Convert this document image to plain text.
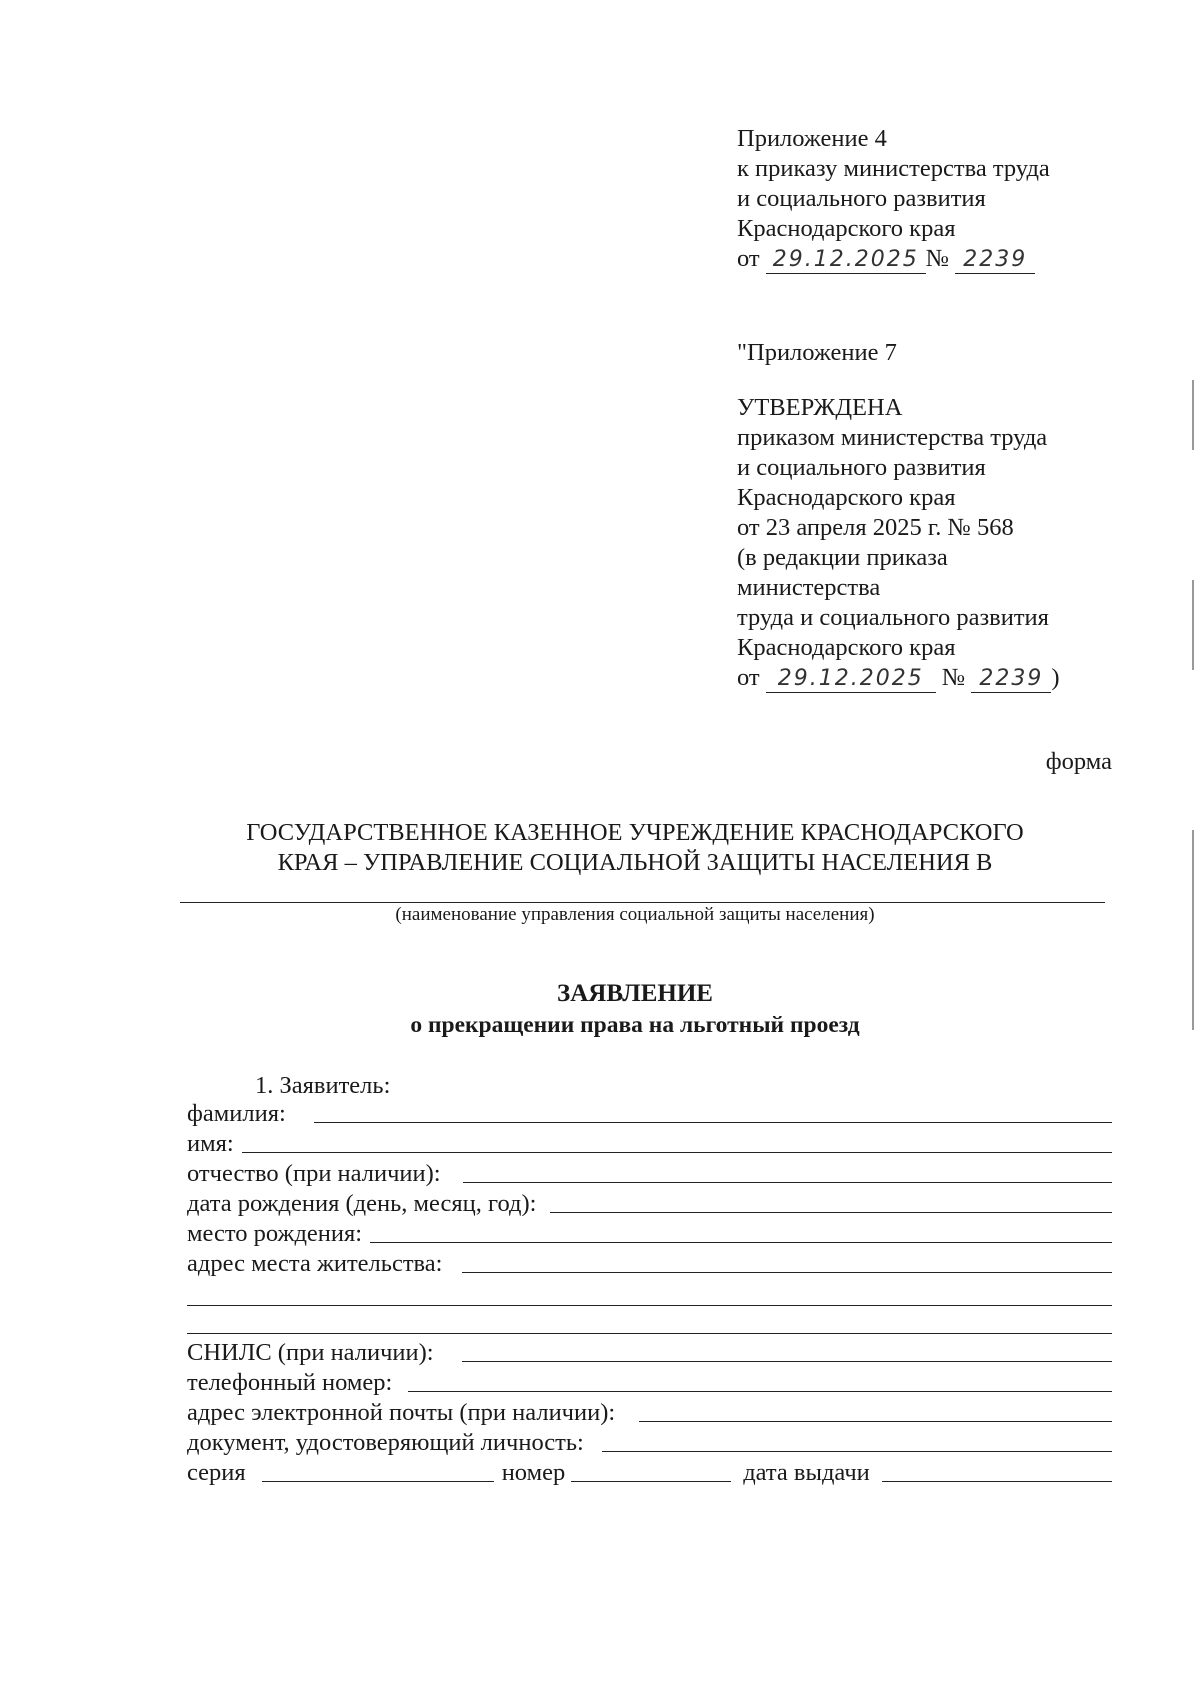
Приложение 4
к приказу министерства труда
и социального развития
Краснодарского края
от 29.12.2025 № 2239
"Приложение 7
УТВЕРЖДЕНА
приказом министерства труда
и социального развития
Краснодарского края
от 23 апреля 2025 г. № 568
(в редакции приказа
министерства
труда и социального развития
Краснодарского края
от 29.12.2025 № 2239 )
форма
ГОСУДАРСТВЕННОЕ КАЗЕННОЕ УЧРЕЖДЕНИЕ КРАСНОДАРСКОГО
КРАЯ – УПРАВЛЕНИЕ СОЦИАЛЬНОЙ ЗАЩИТЫ НАСЕЛЕНИЯ В
(наименование управления социальной защиты населения)
ЗАЯВЛЕНИЕ
о прекращении права на льготный проезд
1. Заявитель:
фамилия:
имя:
отчество (при наличии):
дата рождения (день, месяц, год):
место рождения:
адрес места жительства:
СНИЛС (при наличии):
телефонный номер:
адрес электронной почты (при наличии):
документ, удостоверяющий личность:
серия	номер	дата выдачи
